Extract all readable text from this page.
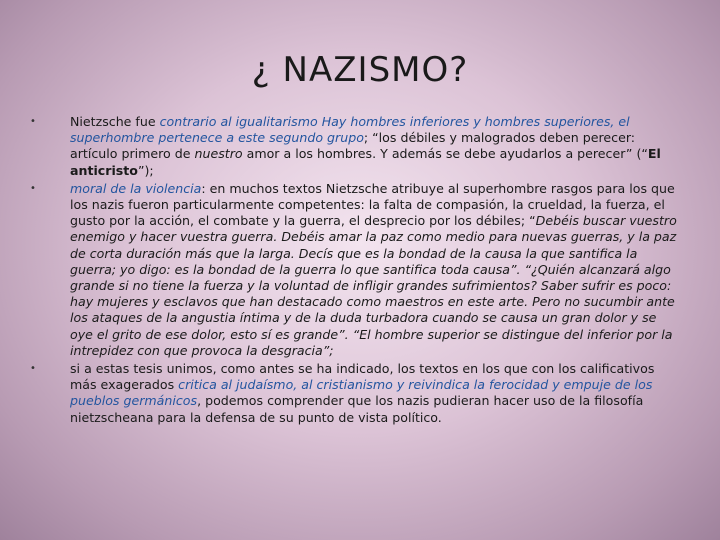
¿ NAZISMO?
•	Nietzsche fue contrario al igualitarismo Hay hombres inferiores y hombres superiores, el superhombre pertenece a este segundo grupo; “los débiles y malogrados deben perecer: artículo primero de nuestro amor a los hombres. Y además se debe ayudarlos a perecer” (“El anticristo”);
•	moral de la violencia: en muchos textos Nietzsche atribuye al superhombre rasgos para los que los nazis fueron particularmente competentes: la falta de compasión, la crueldad, la fuerza, el gusto por la acción, el combate y la guerra, el desprecio por los débiles; “Debéis buscar vuestro enemigo y hacer vuestra guerra. Debéis amar la paz como medio para nuevas guerras, y la paz de corta duración más que la larga. Decís que es la bondad de la causa la que santifica la guerra; yo digo: es la bondad de la guerra lo que santifica toda causa”. “¿Quién alcanzará algo grande si no tiene la fuerza y la voluntad de infligir grandes sufrimientos? Saber sufrir es poco: hay mujeres y esclavos que han destacado como maestros en este arte. Pero no sucumbir ante los ataques de la angustia íntima y de la duda turbadora cuando se causa un gran dolor y se oye el grito de ese dolor, esto sí es grande”. “El hombre superior se distingue del inferior por la intrepidez con que provoca la desgracia”;
•	si a estas tesis unimos, como antes se ha indicado, los textos en los que con los calificativos más exagerados critica al judaísmo, al cristianismo y reivindica la ferocidad y empuje de los pueblos germánicos, podemos comprender que los nazis pudieran hacer uso de la filosofía nietzscheana para la defensa de su punto de vista político.
